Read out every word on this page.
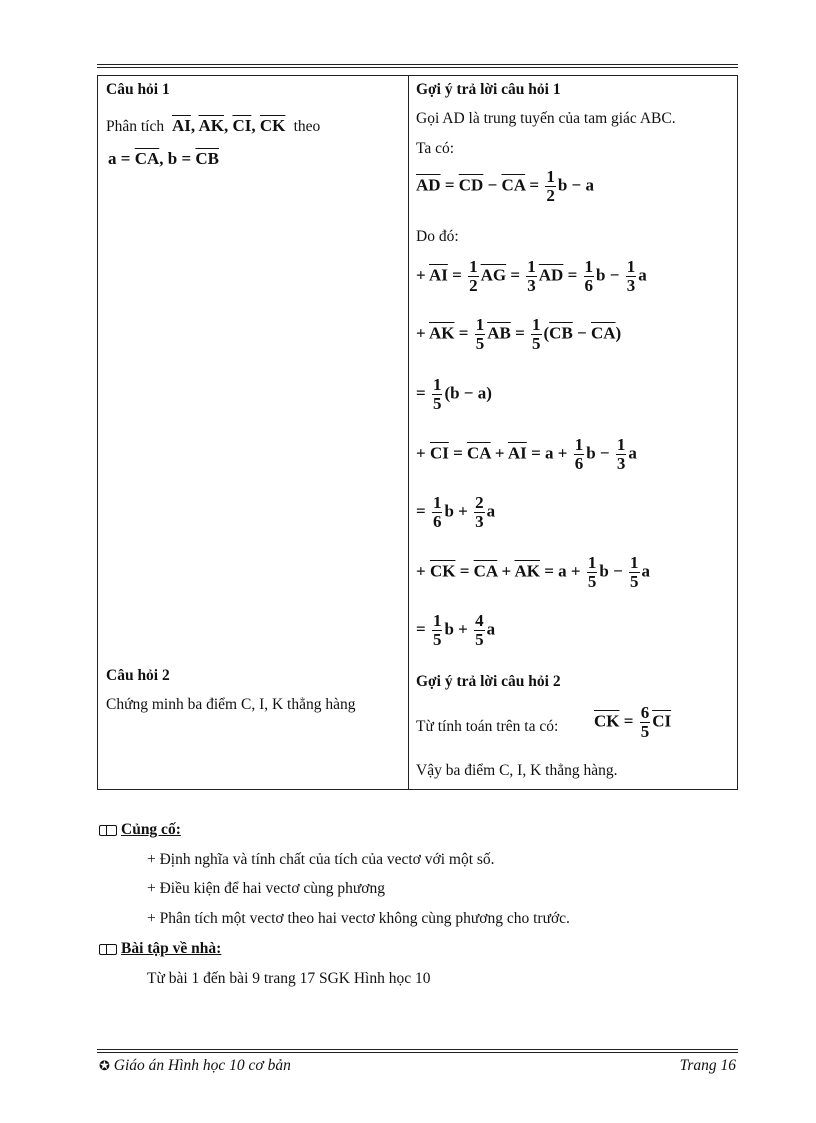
Câu hỏi 1
Phân tích $\overline{AI}$, $\overline{AK}$, $\overline{CI}$, $\overline{CK}$ theo
$a = \overline{CA}$, $b = \overline{CB}$
Câu hỏi 2
Chứng minh ba điểm C, I, K thẳng hàng
Gợi ý trả lời câu hỏi 1
Gọi AD là trung tuyến của tam giác ABC.
Ta có:
$\overline{AD} = \overline{CD} - \overline{CA} = \frac{1}{2}$ b − a
Do đó:
+ $\overline{AI} = \frac{1}{2} \overline{AG} = \frac{1}{3} \overline{AD} = \frac{1}{6}$ $b - \frac{1}{3}$ a
+ $\overline{AK} = \frac{1}{5} \overline{AB} = \frac{1}{5} (\overline{CB} - \overline{CA})$
= $\frac{1}{5} (b - a)$
+ $\overline{CI} = \overline{CA} + \overline{AI} = a + \frac{1}{6}$ $b - \frac{1}{3}$ a
= $\frac{1}{6}$ $b + \frac{2}{3}$ a
+ $\overline{CK} = \overline{CA} + \overline{AK} = a + \frac{1}{5}$ $b - \frac{1}{5}$ a
= $\frac{1}{5}$ $b + \frac{4}{5}$ a
Gợi ý trả lời câu hỏi 2
Từ tính toán trên ta có: $\overline{CK} = \frac{6}{5} \overline{CI}$
Vậy ba điểm C, I, K thẳng hàng.
Củng cố:
+ Định nghĩa và tính chất của tích của vectơ với một số.
+ Điều kiện để hai vectơ cùng phương
+ Phân tích một vectơ theo hai vectơ không cùng phương cho trước.
Bài tập về nhà:
Từ bài 1 đến bài 9 trang 17 SGK Hình học 10
✪ Giáo án Hình học 10 cơ bản	Trang 16
